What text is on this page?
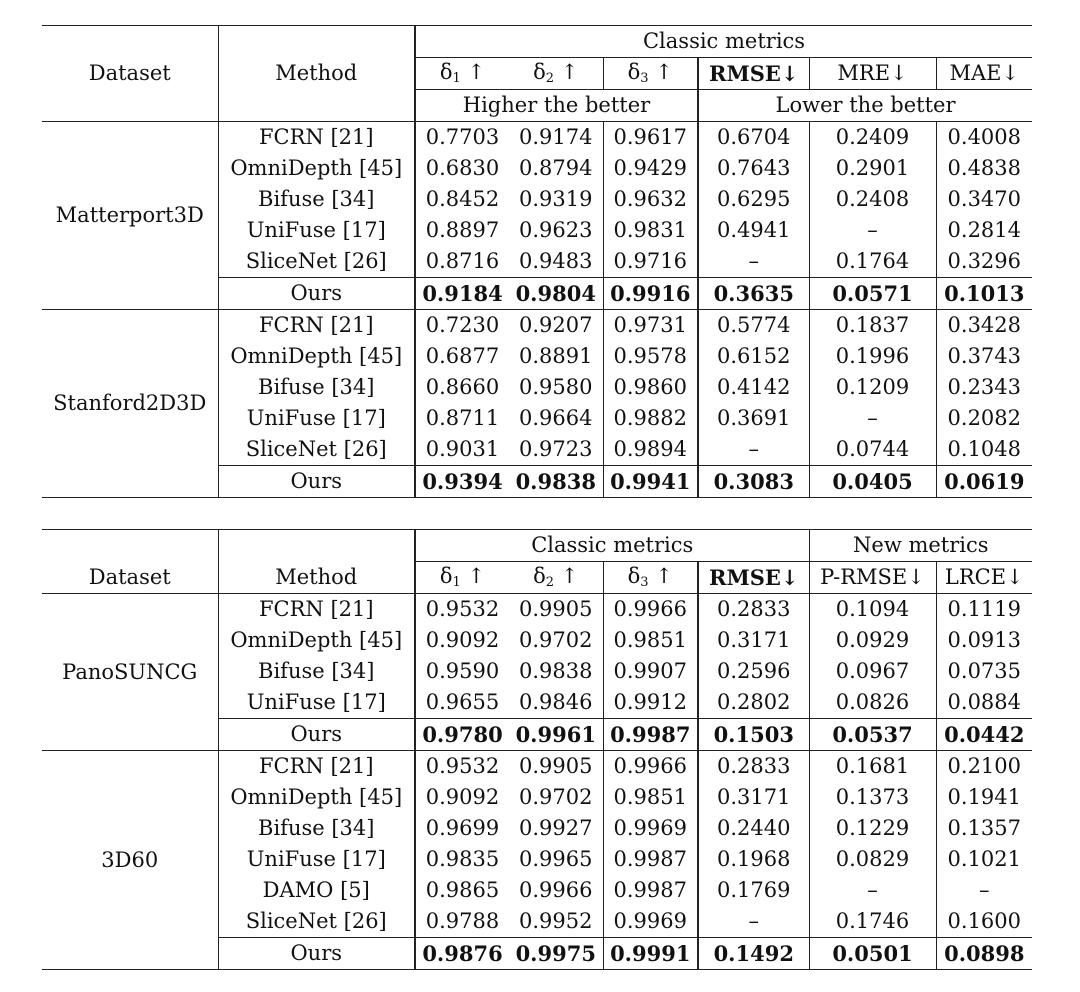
Dataset	Method	Classic metrics					
		$\delta_1$ ↑	$\delta_2$ ↑	$\delta_3$ ↑	RMSE↓	MRE↓	MAE↓
		Higher the better			Lower the better		
Matterport3D	FCRN [21]	0.7703	0.9174	0.9617	0.6704	0.2409	0.4008
	OmniDepth [45]	0.6830	0.8794	0.9429	0.7643	0.2901	0.4838
	Bifuse [34]	0.8452	0.9319	0.9632	0.6295	0.2408	0.3470
	UniFuse [17]	0.8897	0.9623	0.9831	0.4941	–	0.2814
	SliceNet [26]	0.8716	0.9483	0.9716	–	0.1764	0.3296
	Ours	0.9184	0.9804	0.9916	0.3635	0.0571	0.1013
Stanford2D3D	FCRN [21]	0.7230	0.9207	0.9731	0.5774	0.1837	0.3428
	OmniDepth [45]	0.6877	0.8891	0.9578	0.6152	0.1996	0.3743
	Bifuse [34]	0.8660	0.9580	0.9860	0.4142	0.1209	0.2343
	UniFuse [17]	0.8711	0.9664	0.9882	0.3691	–	0.2082
	SliceNet [26]	0.9031	0.9723	0.9894	–	0.0744	0.1048
	Ours	0.9394	0.9838	0.9941	0.3083	0.0405	0.0619

		Classic metrics				New metrics	
Dataset	Method	$\delta_1$ ↑	$\delta_2$ ↑	$\delta_3$ ↑	RMSE↓	P-RMSE↓	LRCE↓
PanoSUNCG	FCRN [21]	0.9532	0.9905	0.9966	0.2833	0.1094	0.1119
	OmniDepth [45]	0.9092	0.9702	0.9851	0.3171	0.0929	0.0913
	Bifuse [34]	0.9590	0.9838	0.9907	0.2596	0.0967	0.0735
	UniFuse [17]	0.9655	0.9846	0.9912	0.2802	0.0826	0.0884
	Ours	0.9780	0.9961	0.9987	0.1503	0.0537	0.0442
3D60	FCRN [21]	0.9532	0.9905	0.9966	0.2833	0.1681	0.2100
	OmniDepth [45]	0.9092	0.9702	0.9851	0.3171	0.1373	0.1941
	Bifuse [34]	0.9699	0.9927	0.9969	0.2440	0.1229	0.1357
	UniFuse [17]	0.9835	0.9965	0.9987	0.1968	0.0829	0.1021
	DAMO [5]	0.9865	0.9966	0.9987	0.1769	–	–
	SliceNet [26]	0.9788	0.9952	0.9969	–	0.1746	0.1600
	Ours	0.9876	0.9975	0.9991	0.1492	0.0501	0.0898
